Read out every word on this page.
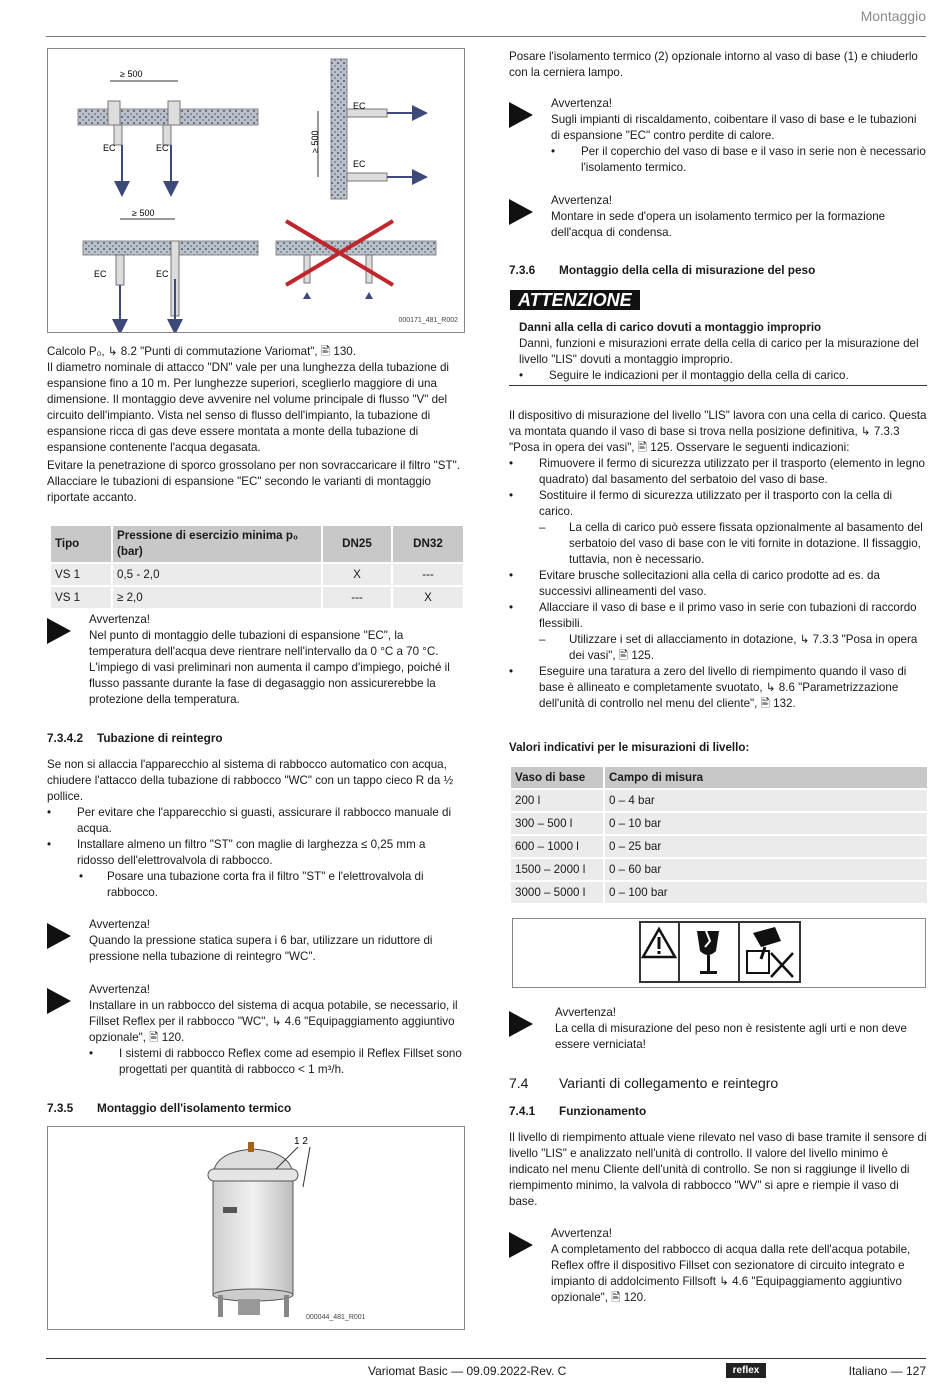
Montaggio
≥ 500
EC	EC	≥ 500
EC
EC
≥ 500
EC	EC
000171_481_R002

Calcolo P₀, ↳ 8.2 "Punti di commutazione Variomat", 🖹 130.

Il diametro nominale di attacco "DN" vale per una lunghezza della tubazione di espansione fino a 10 m. Per lunghezze superiori, sceglierlo maggiore di una dimensione. Il montaggio deve avvenire nel volume principale di flusso "V" del circuito dell'impianto. Vista nel senso di flusso dell'impianto, la tubazione di espansione ricca di gas deve essere montata a monte della tubazione di espansione contenente l'acqua degasata.

Evitare la penetrazione di sporco grossolano per non sovraccaricare il filtro "ST". Allacciare le tubazioni di espansione "EC" secondo le varianti di montaggio riportate accanto.

Tipo	Pressione di esercizio minima p₀ (bar)	DN25	DN32
VS 1	0,5 - 2,0	X	---
VS 1	≥ 2,0	---	X

Avvertenza!

Nel punto di montaggio delle tubazioni di espansione "EC", la temperatura dell'acqua deve rientrare nell'intervallo da 0 °C a 70 °C. L'impiego di vasi preliminari non aumenta il campo d'impiego, poiché il flusso passante durante la fase di degasaggio non assicurerebbe la protezione della temperatura.

7.3.4.2 Tubazione di reintegro

Se non si allaccia l'apparecchio al sistema di rabbocco automatico con acqua, chiudere l'attacco della tubazione di rabbocco "WC" con un tappo cieco R da ½ pollice.

• Per evitare che l'apparecchio si guasti, assicurare il rabbocco manuale di acqua.

• Installare almeno un filtro "ST" con maglie di larghezza ≤ 0,25 mm a ridosso dell'elettrovalvola di rabbocco.

• Posare una tubazione corta fra il filtro "ST" e l'elettrovalvola di rabbocco.

Avvertenza!

Quando la pressione statica supera i 6 bar, utilizzare un riduttore di pressione nella tubazione di reintegro "WC".

Avvertenza!

Installare in un rabbocco del sistema di acqua potabile, se necessario, il Fillset Reflex per il rabbocco "WC", ↳ 4.6 "Equipaggiamento aggiuntivo opzionale", 🖹 120.

• I sistemi di rabbocco Reflex come ad esempio il Reflex Fillset sono progettati per quantità di rabbocco < 1 m³/h.

7.3.5 Montaggio dell'isolamento termico
1 2
000044_481_R001

Posare l'isolamento termico (2) opzionale intorno al vaso di base (1) e chiuderlo con la cerniera lampo.

Avvertenza!

Sugli impianti di riscaldamento, coibentare il vaso di base e le tubazioni di espansione "EC" contro perdite di calore.

• Per il coperchio del vaso di base e il vaso in serie non è necessario l'isolamento termico.

Avvertenza!

Montare in sede d'opera un isolamento termico per la formazione dell'acqua di condensa.

7.3.6 Montaggio della cella di misurazione del peso
ATTENZIONE

Danni alla cella di carico dovuti a montaggio improprio

Danni, funzioni e misurazioni errate della cella di carico per la misurazione del livello "LIS" dovuti a montaggio improprio.

• Seguire le indicazioni per il montaggio della cella di carico.

Il dispositivo di misurazione del livello "LIS" lavora con una cella di carico. Questa va montata quando il vaso di base si trova nella posizione definitiva, ↳ 7.3.3 "Posa in opera dei vasi", 🖹 125. Osservare le seguenti indicazioni:

• Rimuovere il fermo di sicurezza utilizzato per il trasporto (elemento in legno quadrato) dal basamento del serbatoio del vaso di base.

• Sostituire il fermo di sicurezza utilizzato per il trasporto con la cella di carico.

– La cella di carico può essere fissata opzionalmente al basamento del serbatoio del vaso di base con le viti fornite in dotazione. Il fissaggio, tuttavia, non è necessario.

• Evitare brusche sollecitazioni alla cella di carico prodotte ad es. da successivi allineamenti del vaso.

• Allacciare il vaso di base e il primo vaso in serie con tubazioni di raccordo flessibili.

– Utilizzare i set di allacciamento in dotazione, ↳ 7.3.3 "Posa in opera dei vasi", 🖹 125.

• Eseguire una taratura a zero del livello di riempimento quando il vaso di base è allineato e completamente svuotato, ↳ 8.6 "Parametrizzazione dell'unità di controllo nel menu del cliente", 🖹 132.

Valori indicativi per le misurazioni di livello:
Vaso di base	Campo di misura
200 l	0 – 4 bar
300 – 500 l	0 – 10 bar
600 – 1000 l	0 – 25 bar
1500 – 2000 l	0 – 60 bar
3000 – 5000 l	0 – 100 bar

Avvertenza!

La cella di misurazione del peso non è resistente agli urti e non deve essere verniciata!

7.4 Varianti di collegamento e reintegro
7.4.1 Funzionamento

Il livello di riempimento attuale viene rilevato nel vaso di base tramite il sensore di livello "LIS" e analizzato nell'unità di controllo. Il valore del livello minimo è indicato nel menu Cliente dell'unità di controllo. Se non si raggiunge il livello di riempimento minimo, la valvola di rabbocco "WV" si apre e riempie il vaso di base.

Avvertenza!

A completamento del rabbocco di acqua dalla rete dell'acqua potabile, Reflex offre il dispositivo Fillset con sezionatore di circuito integrato e impianto di addolcimento Fillsoft ↳ 4.6 "Equipaggiamento aggiuntivo opzionale", 🖹 120.

Variomat Basic — 09.09.2022-Rev. C	reflex	Italiano — 127
